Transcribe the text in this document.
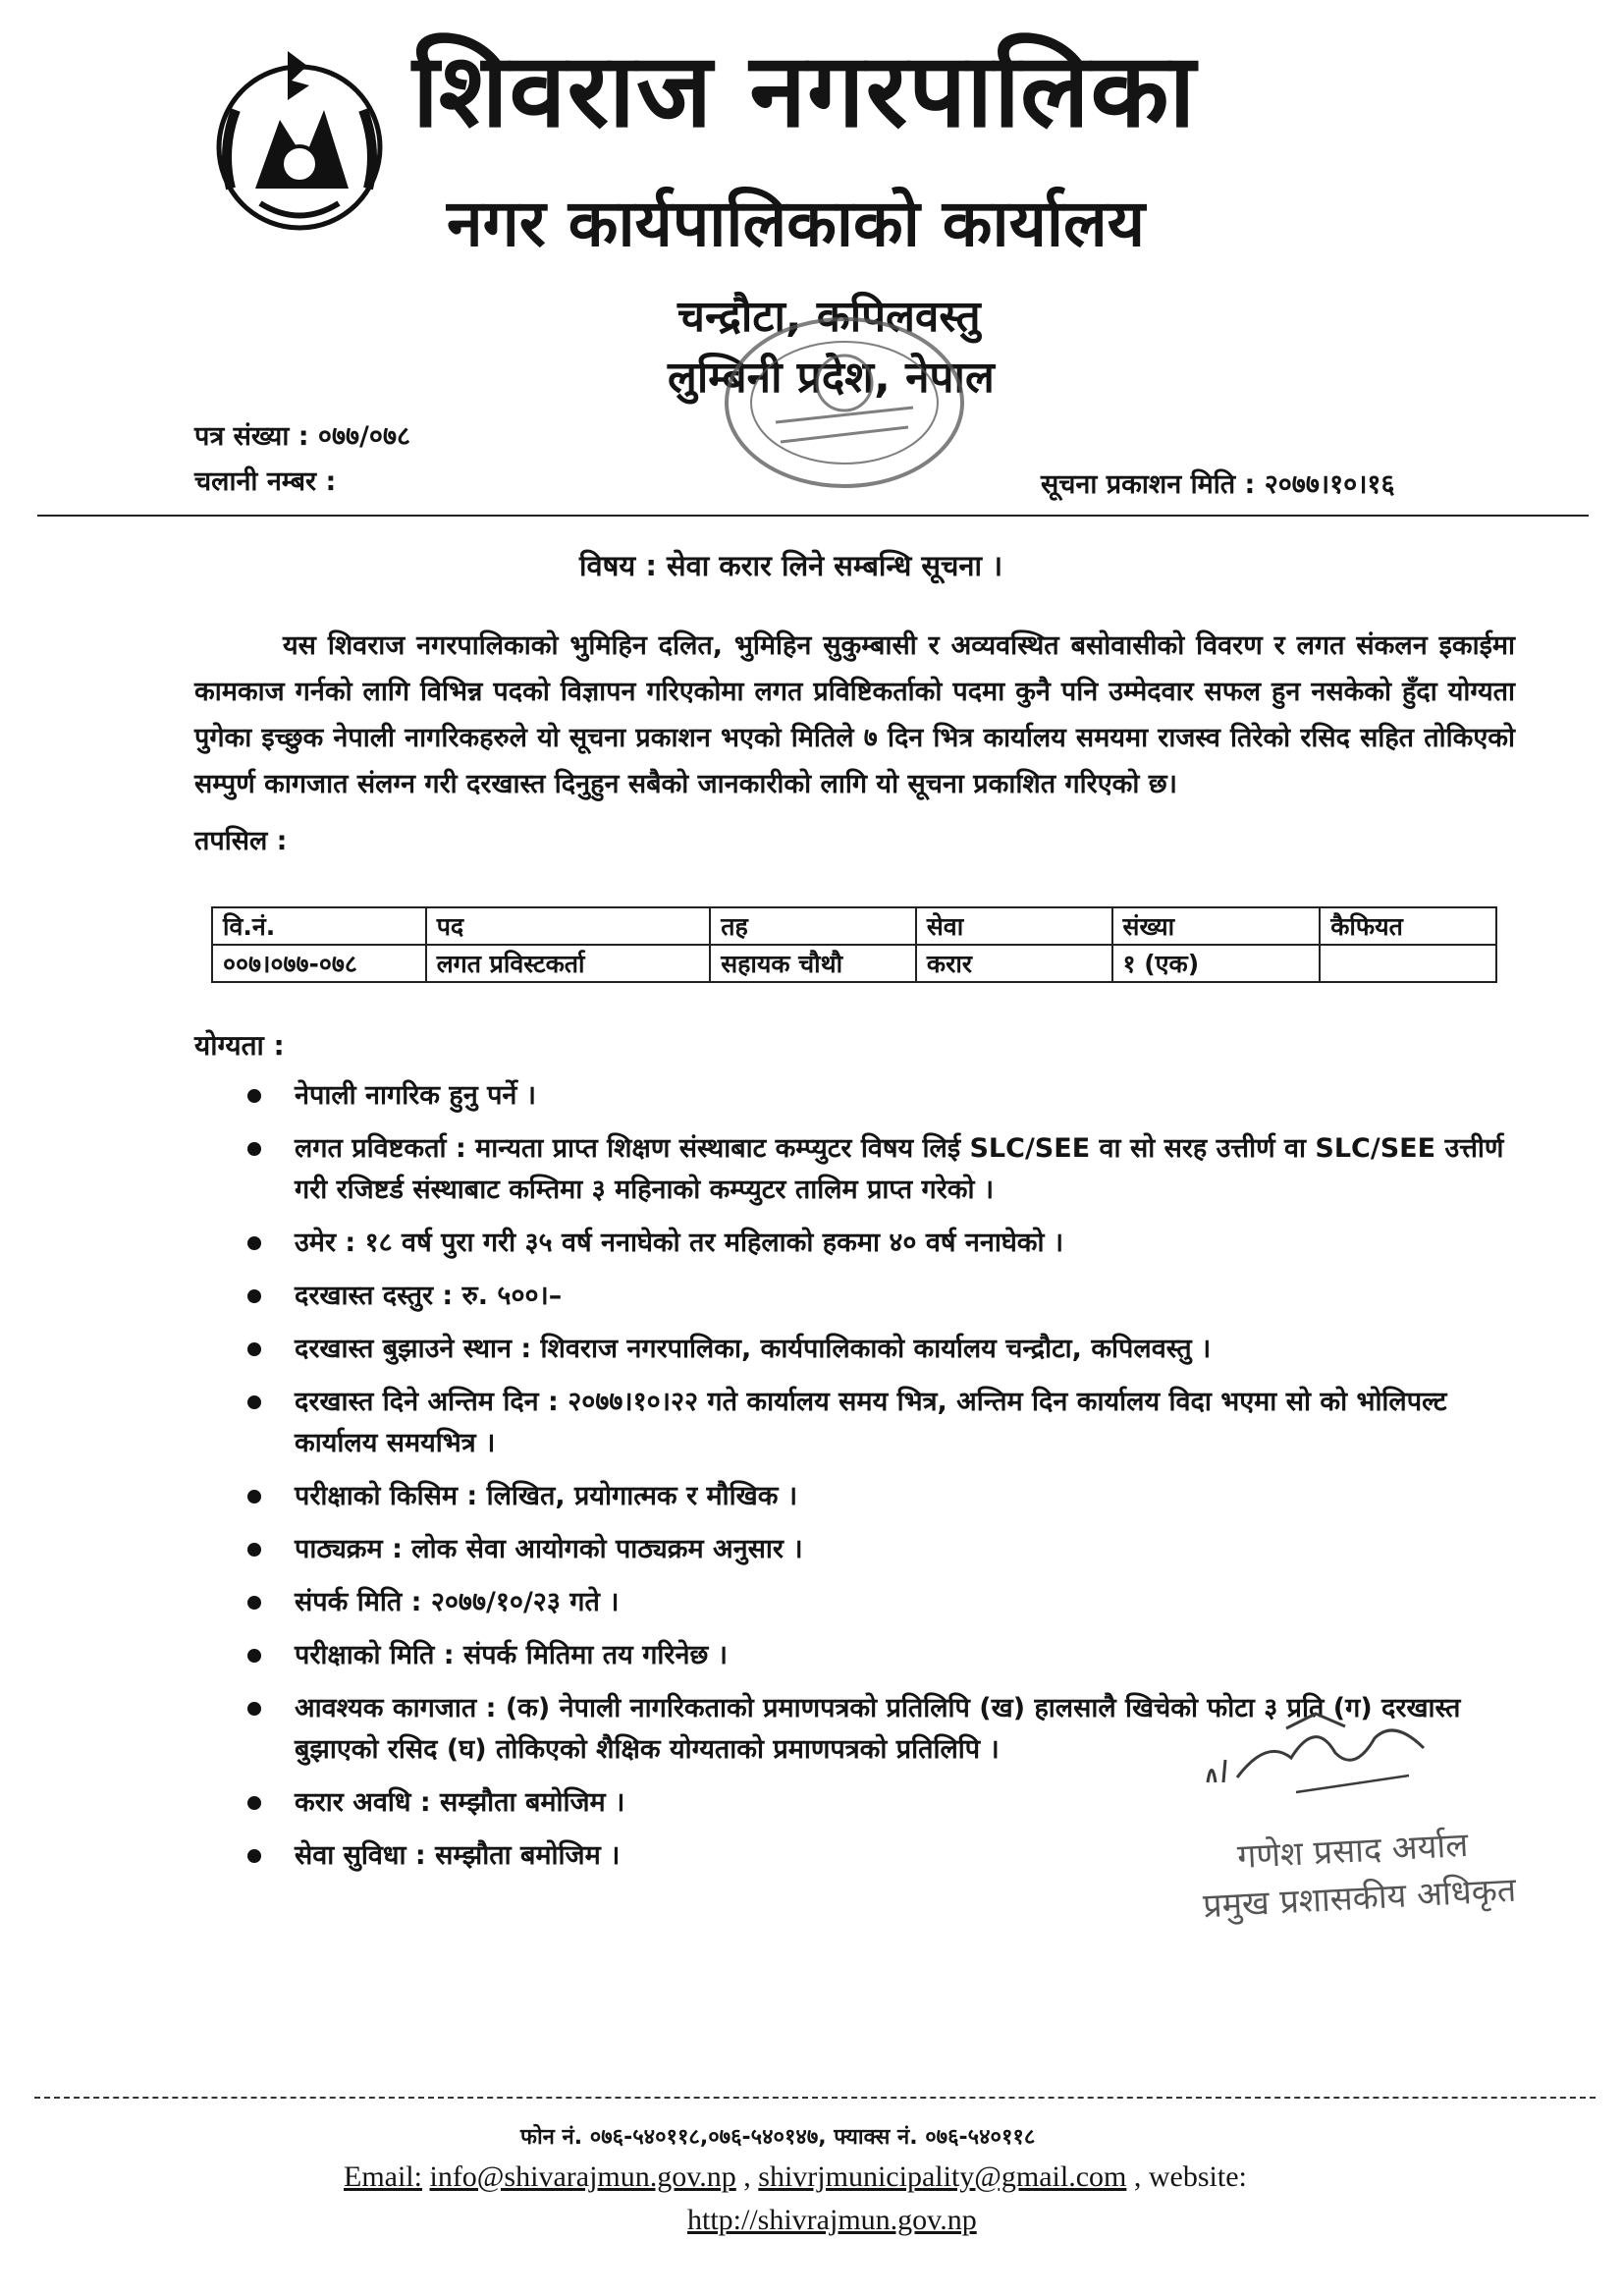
शिवराज नगरपालिका
नगर कार्यपालिकाको कार्यालय
चन्द्रौटा, कपिलवस्तु
लुम्बिनी प्रदेश, नेपाल
पत्र संख्या : ०७७/०७८
चलानी नम्बर :	सूचना प्रकाशन मिति : २०७७।१०।१६
विषय : सेवा करार लिने सम्बन्धि सूचना ।
यस शिवराज नगरपालिकाको भुमिहिन दलित, भुमिहिन सुकुम्बासी र अव्यवस्थित बसोवासीको विवरण र लगत संकलन इकाईमा कामकाज गर्नको लागि विभिन्न पदको विज्ञापन गरिएकोमा लगत प्रविष्टिकर्ताको पदमा कुनै पनि उम्मेदवार सफल हुन नसकेको हुँदा योग्यता पुगेका इच्छुक नेपाली नागरिकहरुले यो सूचना प्रकाशन भएको मितिले ७ दिन भित्र कार्यालय समयमा राजस्व तिरेको रसिद सहित तोकिएको सम्पुर्ण कागजात संलग्न गरी दरखास्त दिनुहुन सबैको जानकारीको लागि यो सूचना प्रकाशित गरिएको छ।
तपसिल :
वि.नं.	पद	तह	सेवा	संख्या	कैफियत
००७।०७७-०७८	लगत प्रविस्टकर्ता	सहायक चौथौ	करार	१ (एक)	
योग्यता :
नेपाली नागरिक हुनु पर्ने ।
लगत प्रविष्टकर्ता : मान्यता प्राप्त शिक्षण संस्थाबाट कम्प्युटर विषय लिई SLC/SEE वा सो सरह उत्तीर्ण वा SLC/SEE उत्तीर्ण गरी रजिष्टर्ड संस्थाबाट कम्तिमा ३ महिनाको कम्प्युटर तालिम प्राप्त गरेको ।
उमेर : १८ वर्ष पुरा गरी ३५ वर्ष ननाघेको तर महिलाको हकमा ४० वर्ष ननाघेको ।
दरखास्त दस्तुर : रु. ५००।–
दरखास्त बुझाउने स्थान : शिवराज नगरपालिका, कार्यपालिकाको कार्यालय चन्द्रौटा, कपिलवस्तु ।
दरखास्त दिने अन्तिम दिन : २०७७।१०।२२ गते कार्यालय समय भित्र, अन्तिम दिन कार्यालय विदा भएमा सो को भोलिपल्ट कार्यालय समयभित्र ।
परीक्षाको किसिम : लिखित, प्रयोगात्मक र मौखिक ।
पाठ्यक्रम : लोक सेवा आयोगको पाठ्यक्रम अनुसार ।
संपर्क मिति : २०७७/१०/२३ गते ।
परीक्षाको मिति : संपर्क मितिमा तय गरिनेछ ।
आवश्यक कागजात : (क) नेपाली नागरिकताको प्रमाणपत्रको प्रतिलिपि (ख) हालसालै खिचेको फोटा ३ प्रति (ग) दरखास्त बुझाएको रसिद (घ) तोकिएको शैक्षिक योग्यताको प्रमाणपत्रको प्रतिलिपि ।
करार अवधि : सम्झौता बमोजिम ।
सेवा सुविधा : सम्झौता बमोजिम ।	गणेश प्रसाद अर्याल
प्रमुख प्रशासकीय अधिकृत
फोन नं. ०७६-५४०११८,०७६-५४०१४७, फ्याक्स नं. ०७६-५४०११८
Email: info@shivarajmun.gov.np , shivrjmunicipality@gmail.com , website:
http://shivrajmun.gov.np
